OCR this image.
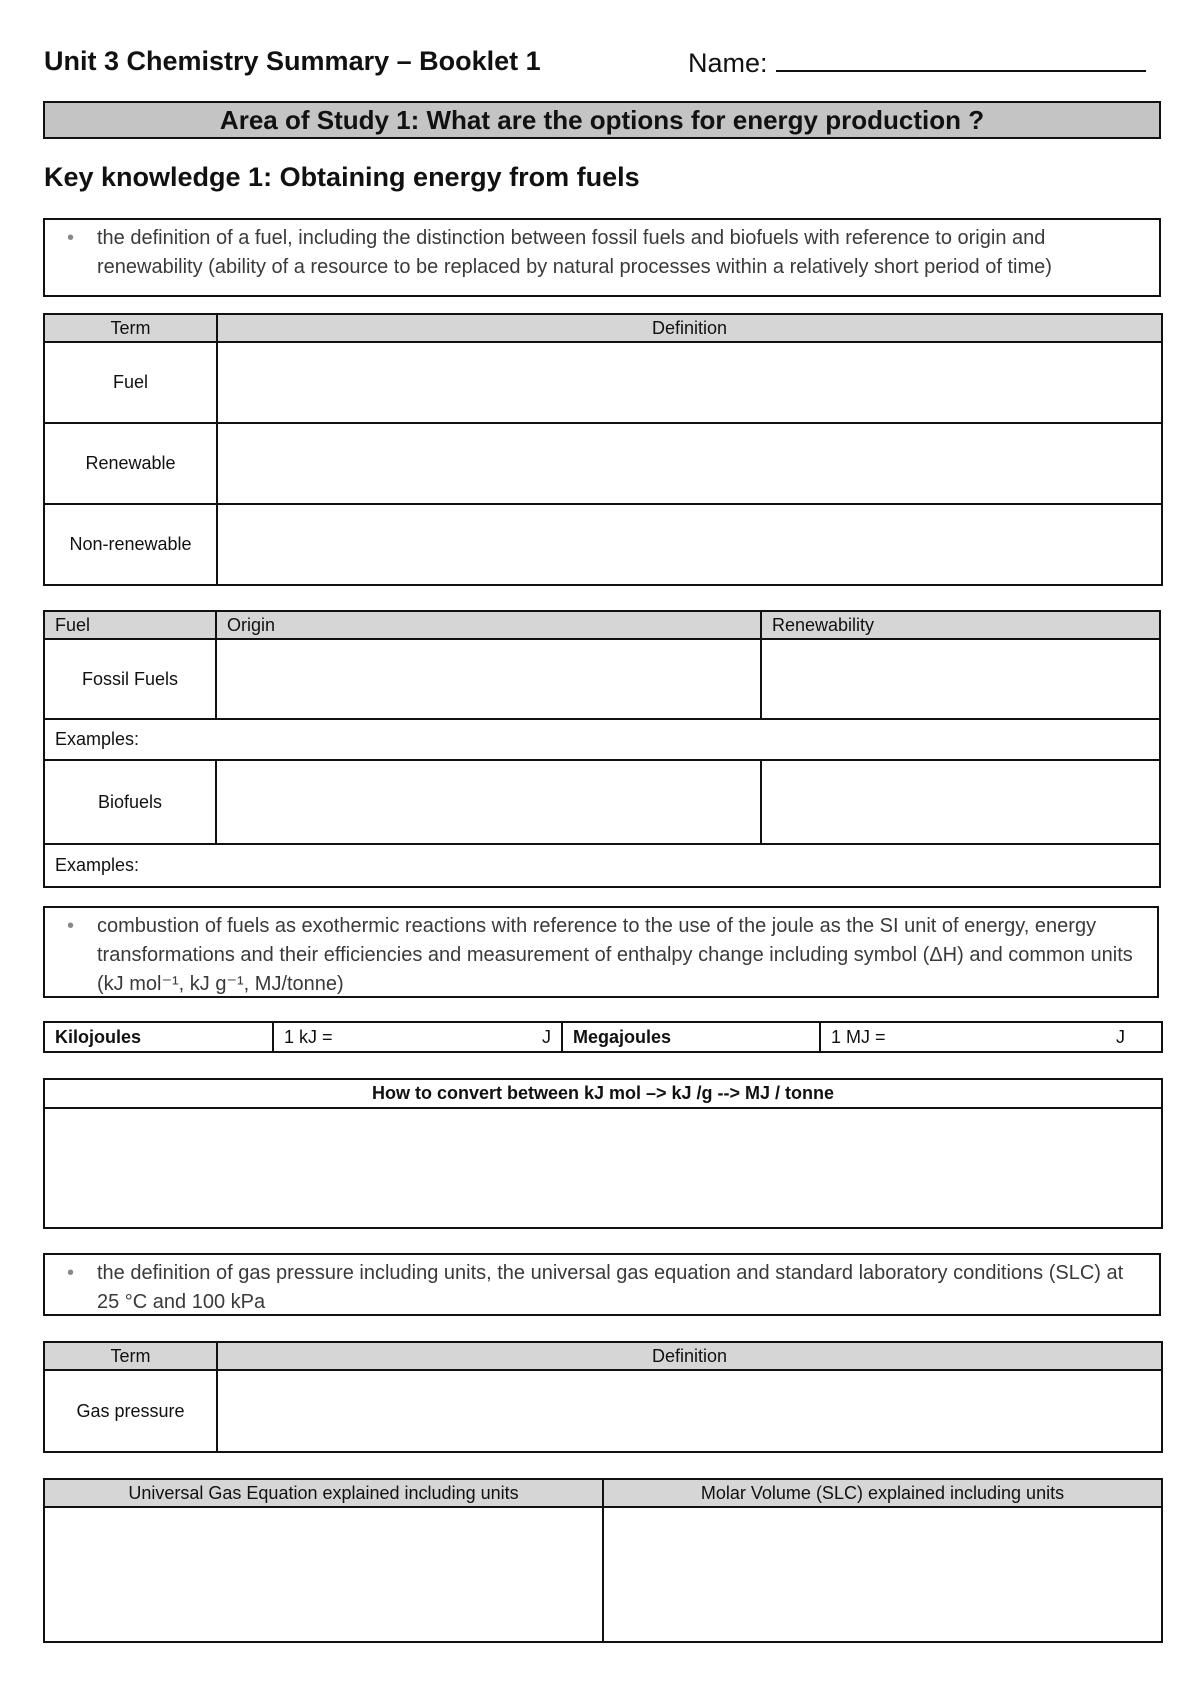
Unit 3 Chemistry Summary – Booklet 1	Name:
Area of Study 1: What are the options for energy production ?
Key knowledge 1: Obtaining energy from fuels
• the definition of a fuel, including the distinction between fossil fuels and biofuels with reference to origin and renewability (ability of a resource to be replaced by natural processes within a relatively short period of time)
Term	Definition
Fuel	
Renewable	
Non-renewable	
Fuel	Origin	Renewability
Fossil Fuels		
Examples:		
Biofuels		
Examples:		
• combustion of fuels as exothermic reactions with reference to the use of the joule as the SI unit of energy, energy transformations and their efficiencies and measurement of enthalpy change including symbol (ΔH) and common units (kJ mol⁻¹, kJ g⁻¹, MJ/tonne)
Kilojoules	1 kJ =	J	Megajoules	1 MJ =	J
How to convert between kJ mol –> kJ /g --> MJ / tonne

• the definition of gas pressure including units, the universal gas equation and standard laboratory conditions (SLC) at 25 °C and 100 kPa
Term	Definition
Gas pressure	
Universal Gas Equation explained including units	Molar Volume (SLC) explained including units
